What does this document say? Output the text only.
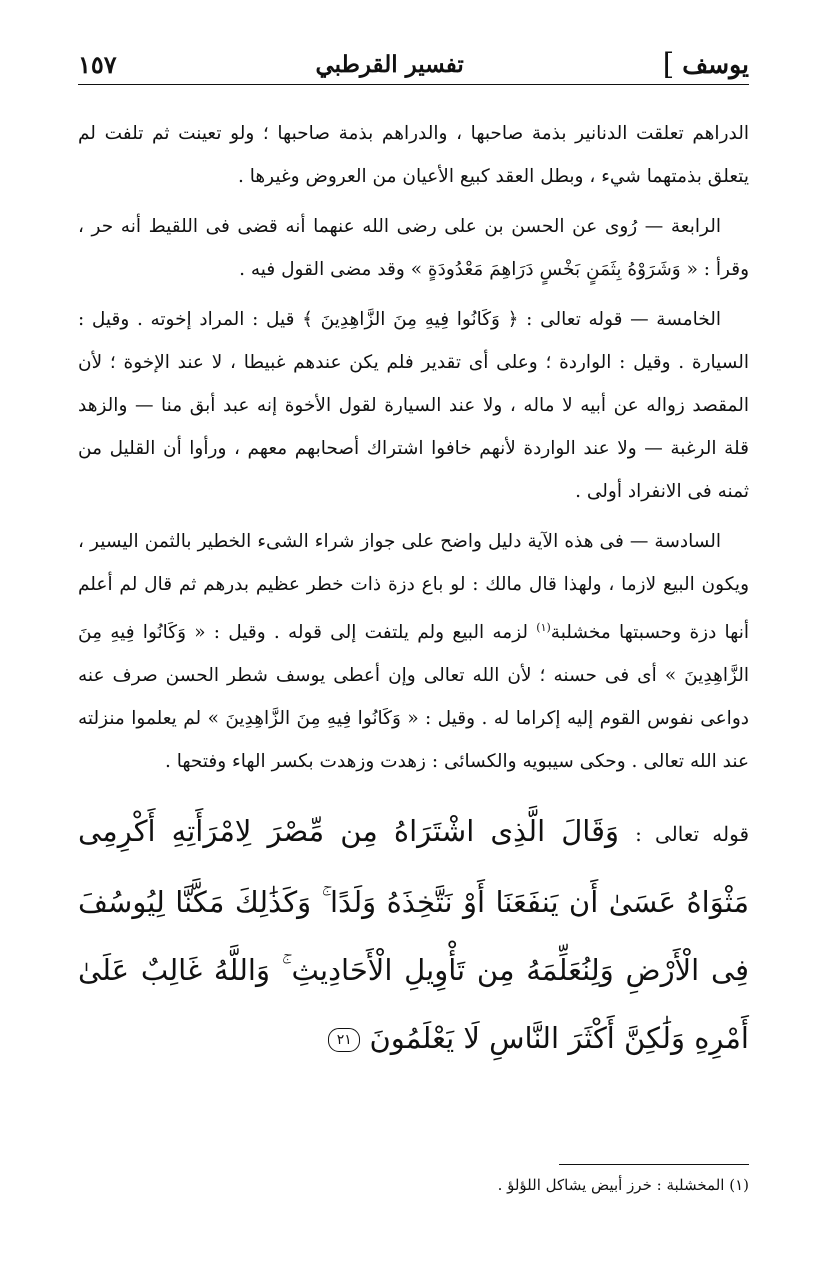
يوسف
]
تفسير القرطبي
١٥٧

الدراهم تعلقت الدنانير بذمة صاحبها ، والدراهم بذمة صاحبها ؛ ولو تعينت ثم تلفت لم يتعلق بذمتهما شيء ، وبطل العقد كبيع الأعيان من العروض وغيرها .

الرابعة — رُوى عن الحسن بن على رضى الله عنهما أنه قضى فى اللقيط أنه حر ، وقرأ : « وَشَرَوْهُ بِثَمَنٍ بَخْسٍ دَرَاهِمَ مَعْدُودَةٍ » وقد مضى القول فيه .

الخامسة — قوله تعالى : ﴿ وَكَانُوا فِيهِ مِنَ الزَّاهِدِينَ ﴾ قيل : المراد إخوته . وقيل : السيارة . وقيل : الواردة ؛ وعلى أى تقدير فلم يكن عندهم غبيطا ، لا عند الإخوة ؛ لأن المقصد زواله عن أبيه لا ماله ، ولا عند السيارة لقول الأخوة إنه عبد أبق منا — والزهد قلة الرغبة — ولا عند الواردة لأنهم خافوا اشتراك أصحابهم معهم ، ورأوا أن القليل من ثمنه فى الانفراد أولى .

السادسة — فى هذه الآية دليل واضح على جواز شراء الشىء الخطير بالثمن اليسير ، ويكون البيع لازما ، ولهذا قال مالك : لو باع دزة ذات خطر عظيم بدرهم ثم قال لم أعلم أنها دزة وحسبتها مخشلبة$^{(١)}$ لزمه البيع ولم يلتفت إلى قوله . وقيل : « وَكَانُوا فِيهِ مِنَ الزَّاهِدِينَ » أى فى حسنه ؛ لأن الله تعالى وإن أعطى يوسف شطر الحسن صرف عنه دواعى نفوس القوم إليه إكراما له . وقيل : « وَكَانُوا فِيهِ مِنَ الزَّاهِدِينَ » لم يعلموا منزلته عند الله تعالى . وحكى سيبويه والكسائى : زهدت وزهدت بكسر الهاء وفتحها .

قوله تعالى : وَقَالَ الَّذِى اشْتَرَاهُ مِن مِّصْرَ لِامْرَأَتِهِ أَكْرِمِى مَثْوَاهُ عَسَىٰ أَن يَنفَعَنَا أَوْ نَتَّخِذَهُ وَلَدًا ۚ وَكَذَٰلِكَ مَكَّنَّا لِيُوسُفَ فِى الْأَرْضِ وَلِنُعَلِّمَهُ مِن تَأْوِيلِ الْأَحَادِيثِ ۚ وَاللَّهُ غَالِبٌ عَلَىٰ أَمْرِهِ وَلَٰكِنَّ أَكْثَرَ النَّاسِ لَا يَعْلَمُونَ ٢١
(١) المخشلبة : خرز أبيض يشاكل اللؤلؤ .
